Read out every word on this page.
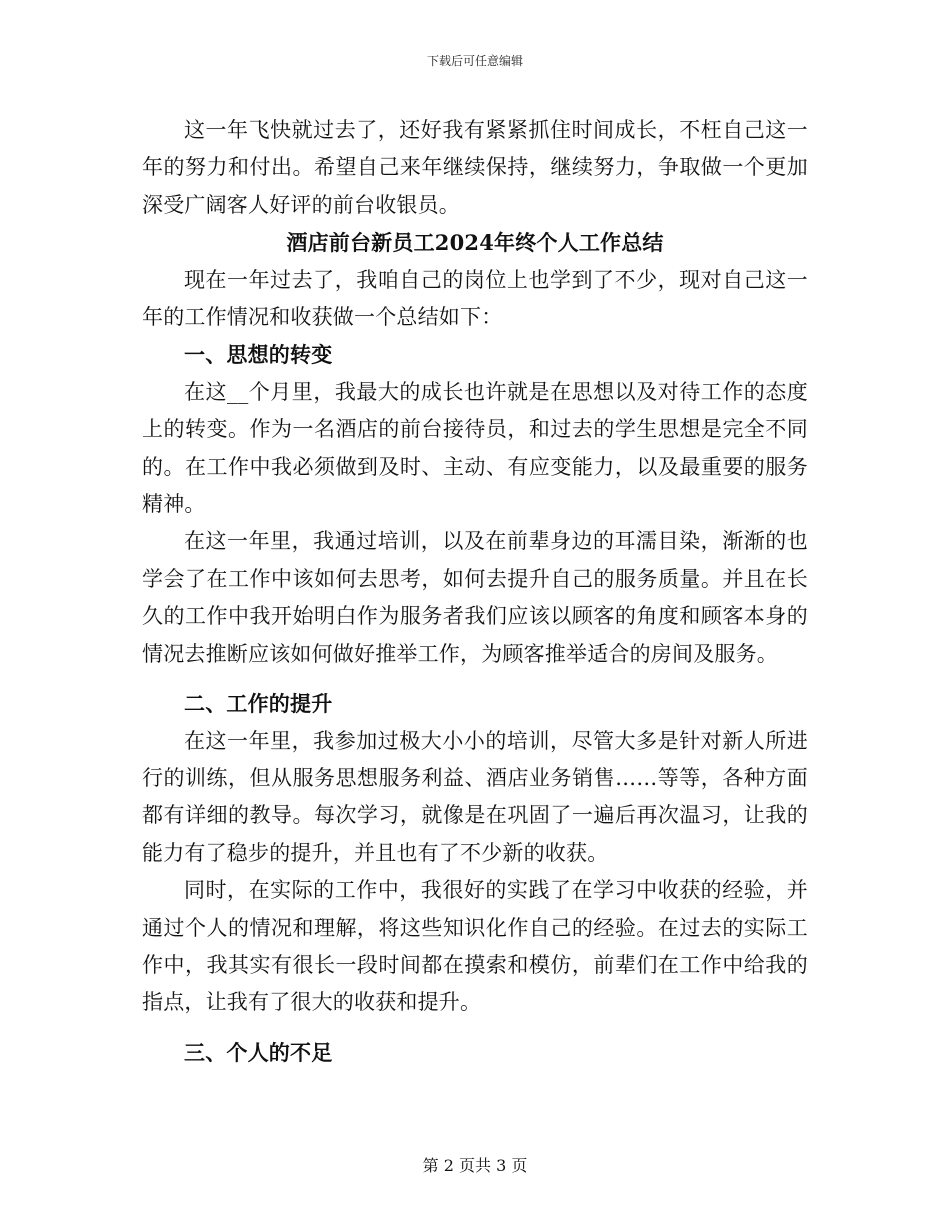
下载后可任意编辑

这一年飞快就过去了，还好我有紧紧抓住时间成长，不枉自己这一年的努力和付出。希望自己来年继续保持，继续努力，争取做一个更加深受广阔客人好评的前台收银员。

酒店前台新员工2024年终个人工作总结

现在一年过去了，我咱自己的岗位上也学到了不少，现对自己这一年的工作情况和收获做一个总结如下：

一、思想的转变

在这__个月里，我最大的成长也许就是在思想以及对待工作的态度上的转变。作为一名酒店的前台接待员，和过去的学生思想是完全不同的。在工作中我必须做到及时、主动、有应变能力，以及最重要的服务精神。

在这一年里，我通过培训，以及在前辈身边的耳濡目染，渐渐的也学会了在工作中该如何去思考，如何去提升自己的服务质量。并且在长久的工作中我开始明白作为服务者我们应该以顾客的角度和顾客本身的情况去推断应该如何做好推举工作，为顾客推举适合的房间及服务。

二、工作的提升

在这一年里，我参加过极大小小的培训，尽管大多是针对新人所进行的训练，但从服务思想服务利益、酒店业务销售……等等，各种方面都有详细的教导。每次学习，就像是在巩固了一遍后再次温习，让我的能力有了稳步的提升，并且也有了不少新的收获。

同时，在实际的工作中，我很好的实践了在学习中收获的经验，并通过个人的情况和理解，将这些知识化作自己的经验。在过去的实际工作中，我其实有很长一段时间都在摸索和模仿，前辈们在工作中给我的指点，让我有了很大的收获和提升。

三、个人的不足
第 2 页共 3 页
